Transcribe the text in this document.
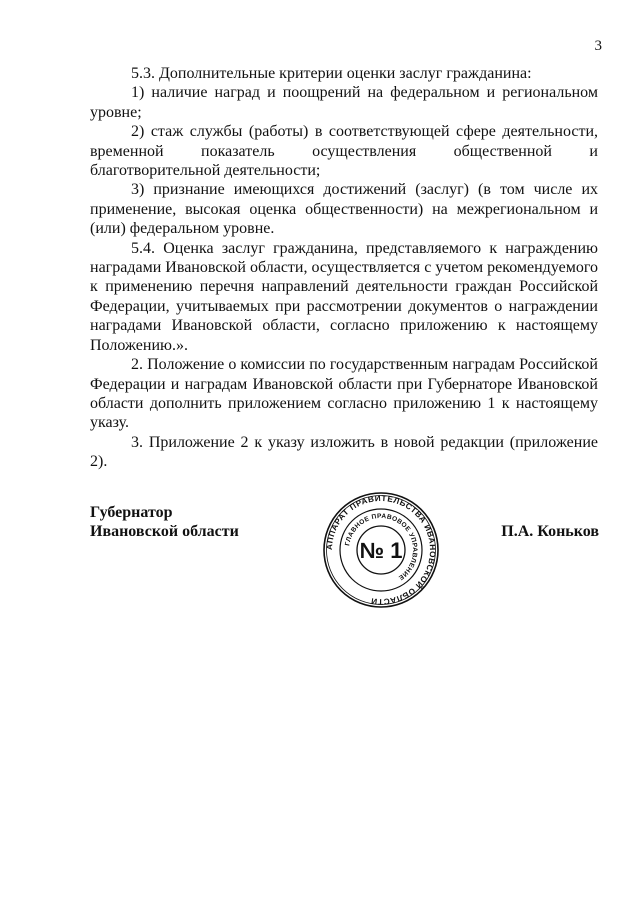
3

5.3. Дополнительные критерии оценки заслуг гражданина:

1) наличие наград и поощрений на федеральном и региональном уровне;

2) стаж службы (работы) в соответствующей сфере деятельности, временной показатель осуществления общественной и благотворительной деятельности;

3) признание имеющихся достижений (заслуг) (в том числе их применение, высокая оценка общественности) на межрегиональном и (или) федеральном уровне.

5.4. Оценка заслуг гражданина, представляемого к награждению наградами Ивановской области, осуществляется с учетом рекомендуемого к применению перечня направлений деятельности граждан Российской Федерации, учитываемых при рассмотрении документов о награждении наградами Ивановской области, согласно приложению к настоящему Положению.».

2. Положение о комиссии по государственным наградам Российской Федерации и наградам Ивановской области при Губернаторе Ивановской области дополнить приложением согласно приложению 1 к настоящему указу.

3. Приложение 2 к указу изложить в новой редакции (приложение 2).

Губернатор
Ивановской области	П.А. Коньков
АППАРАТ ПРАВИТЕЛЬСТВА ИВАНОВСКОЙ ОБЛАСТИ
ГЛАВНОЕ ПРАВОВОЕ УПРАВЛЕНИЕ
№ 1
